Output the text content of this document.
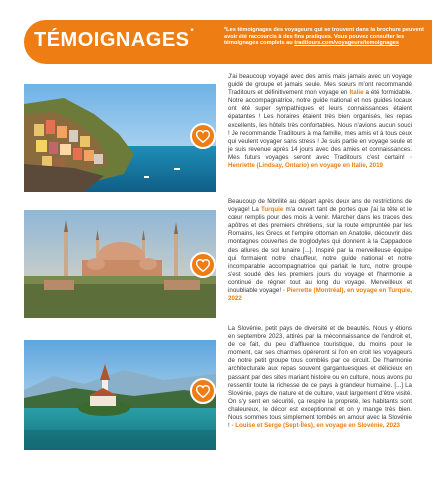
TÉMOIGNAGES*	*Les témoignages des voyageurs qui se trouvent dans la brochure peuvent avoir été raccourcis à des fins pratiques. Vous pouvez consulter les témoignages complets au traditours.com/voyageurs/temoignages
J'ai beaucoup voyagé avec des amis mais jamais avec un voyage guidé de groupe et jamais seule. Mes sœurs m'ont recommandé Traditours et définitivement mon voyage en Italie a été formidable. Notre accompagnatrice, notre guide national et nos guides locaux ont été super sympathiques et leurs connaissances étaient épatantes ! Les horaires étaient très bien organisés, les repas excellents, les hôtels très confortables. Nous n'avions aucun souci ! Je recommande Traditours à ma famille, mes amis et à tous ceux qui veulent voyager sans stress ! Je suis partie en voyage seule et je suis revenue après 14 jours avec des amies et connaissances. Mes futurs voyages seront avec Traditours c'est certain! - Henriette (Lindsay, Ontario) en voyage en Italie, 2019
Beaucoup de fébrilité au départ après deux ans de restrictions de voyage! La Turquie m'a ouvert tant de portes que j'ai la tête et le cœur remplis pour des mois à venir. Marcher dans les traces des apôtres et des premiers chrétiens, sur la route empruntée par les Romains, les Grecs et l'empire ottoman en Anatolie, découvrir des montagnes couvertes de troglodytes qui donnent à la Cappadoce des allures de sol lunaire [...]. Inspiré par la merveilleuse équipe qui formaient notre chauffeur, notre guide national et notre incomparable accompagnatrice qui parlait le turc, notre groupe s'est soudé dès les premiers jours du voyage et l'harmonie a continué de régner tout au long du voyage. Merveilleux et inoubliable voyage! - Pierrette (Montréal), en voyage en Turquie, 2022
La Slovénie, petit pays de diversité et de beautés. Nous y étions en septembre 2023, attirés par la méconnaissance de l'endroit et, de ce fait, du peu d'affluence touristique, du moins pour le moment, car ses charmes opéreront si l'on en croit les voyageurs de notre petit groupe tous comblés par ce circuit. De l'harmonie architecturale aux repas souvent gargantuesques et délicieux en passant par des sites mariant histoire ou en culture, nous avons pu ressentir toute la richesse de ce pays à grandeur humaine. [...] La Slovénie, pays de nature et de culture, vaut largement d'être visité. On s'y sent en sécurité, ça respire la propreté, les habitants sont chaleureux, le décor est exceptionnel et on y mange très bien. Nous sommes tous simplement tombés en amour avec la Slovénie ! - Louise et Serge (Sept-Îles), en voyage en Slovénie, 2023
